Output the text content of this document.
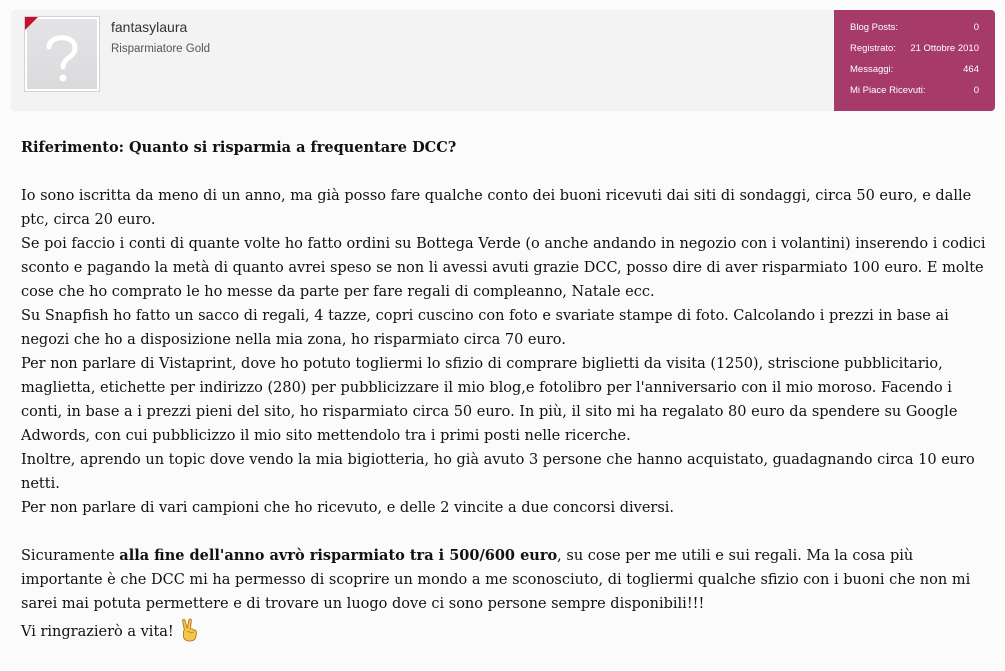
fantasylaura
Risparmiatore Gold
Blog Posts:	0
Registrato: 21 Ottobre 2010
Messaggi:	464
Mi Piace Ricevuti:	0

Riferimento: Quanto si risparmia a frequentare DCC?

Io sono iscritta da meno di un anno, ma già posso fare qualche conto dei buoni ricevuti dai siti di sondaggi, circa 50 euro, e dalle ptc, circa 20 euro.

Se poi faccio i conti di quante volte ho fatto ordini su Bottega Verde (o anche andando in negozio con i volantini) inserendo i codici sconto e pagando la metà di quanto avrei speso se non li avessi avuti grazie DCC, posso dire di aver risparmiato 100 euro. E molte cose che ho comprato le ho messe da parte per fare regali di compleanno, Natale ecc.

Su Snapfish ho fatto un sacco di regali, 4 tazze, copri cuscino con foto e svariate stampe di foto. Calcolando i prezzi in base ai negozi che ho a disposizione nella mia zona, ho risparmiato circa 70 euro.

Per non parlare di Vistaprint, dove ho potuto togliermi lo sfizio di comprare biglietti da visita (1250), striscione pubblicitario, maglietta, etichette per indirizzo (280) per pubblicizzare il mio blog,e fotolibro per l'anniversario con il mio moroso. Facendo i conti, in base a i prezzi pieni del sito, ho risparmiato circa 50 euro. In più, il sito mi ha regalato 80 euro da spendere su Google Adwords, con cui pubblicizzo il mio sito mettendolo tra i primi posti nelle ricerche.

Inoltre, aprendo un topic dove vendo la mia bigiotteria, ho già avuto 3 persone che hanno acquistato, guadagnando circa 10 euro netti.

Per non parlare di vari campioni che ho ricevuto, e delle 2 vincite a due concorsi diversi.

Sicuramente alla fine dell'anno avrò risparmiato tra i 500/600 euro, su cose per me utili e sui regali. Ma la cosa più importante è che DCC mi ha permesso di scoprire un mondo a me sconosciuto, di togliermi qualche sfizio con i buoni che non mi sarei mai potuta permettere e di trovare un luogo dove ci sono persone sempre disponibili!!!

Vi ringrazierò a vita!
